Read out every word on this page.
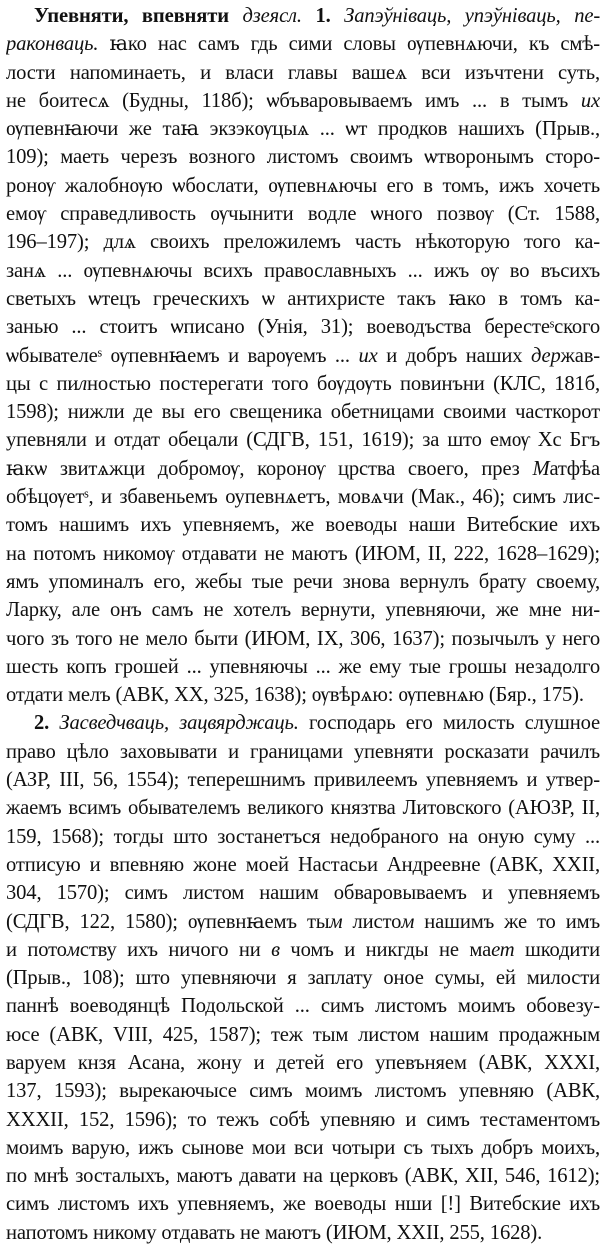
Упевняти, впевняти дзеясл. 1. Запэўніваць, упэўніваць, пе-
раконваць. ꙗко нас самъ гдь сими словы ѹпевнѧючи, къ смѣ-
лости напоминаеть, и власи главы вашеѧ вси изъчтени суть,
не боитесѧ (Будны, 118б); ѡбъваровываемъ имъ ... в тымъ их
ѹпевнꙗючи же таꙗ экзэкѹцыѧ ... ѡт продков нашихъ (Прыв.,
109); маеть черезъ возного листомъ своимъ ѡтворонымъ сторо-
ронѹ жалобнѹю ѡбослати, ѹпевнѧючы его в томъ, ижъ хочеть
емѹ справедливость ѹчынити водле ѡного позвѹ (Ст. 1588,
196–197); длѧ своихъ преложилемъ часть нѣкоторую того ка-
занѧ ... ѹпевнѧючы всихъ православныхъ ... ижъ ѹ во въсихъ
светыхъ ѡтецъ греческихъ ѡ антихристе такъ ꙗко в томъ ка-
занью ... стоитъ ѡписано (Унія, 31); воеводъства берестеˢского
ѡбывателеˢ ѹпевнꙗемъ и варѹемъ ... их и добръ наших держав-
цы с пилностью постерегати того бѹдѹть повинъни (КЛС, 181б,
1598); нижли де вы его свещеника обетницами своими часткорот
упевняли и отдат обецали (СДГВ, 151, 1619); за што емѹ Хс Бгъ
ꙗкѡ звитѧжци добромѹ, коронѹ црства своего, през Матфѣа
обѣцѹетˢ, и збавеньемъ оупевнѧетъ, мовѧчи (Мак., 46); симъ лис-
томъ нашимъ ихъ упевняемъ, же воеводы наши Витебские ихъ
на потомъ никомѹ отдавати не маютъ (ИЮМ, II, 222, 1628–1629);
ямъ упоминалъ его, жебы тые речи знова вернулъ брату своему,
Ларку, але онъ самъ не хотелъ вернути, упевняючи, же мне ни-
чого зъ того не мело быти (ИЮМ, IX, 306, 1637); позычылъ у него
шесть копъ грошей ... упевняючы ... же ему тые грошы незадолго
отдати мелъ (АВК, XX, 325, 1638); ѹвѣрѧю: ѹпевнѧю (Бяр., 175).
2. Засведчваць, зацвярджаць. господарь его милость слушное
право цѣло заховывати и границами упевняти росказати рачилъ
(АЗР, III, 56, 1554); теперешнимъ привилеемъ упевняемъ и утвер-
жаемъ всимъ обывателемъ великого князтва Литовского (АЮЗР, II,
159, 1568); тогды што зостанетъся недобраного на оную суму ...
отписую и впевняю жоне моей Настасьи Андреевне (АВК, XXII,
304, 1570); симъ листом нашим обваровываемъ и упевняемъ
(СДГВ, 122, 1580); ѹпевнꙗемъ тым листом нашимъ же то имъ
и потомству ихъ ничого ни в чомъ и никгды не мает шкодити
(Прыв., 108); што упевняючи я заплату оное сумы, ей милости
паннѣ воеводянцѣ Подольской ... симъ листомъ моимъ обовезу-
юсе (АВК, VIII, 425, 1587); теж тым листом нашим продажным
варуем кнзя Асана, жону и детей его упевъняем (АВК, XXXI,
137, 1593); вырекаючысе симъ моимъ листомъ упевняю (АВК,
XXXII, 152, 1596); то тежъ собѣ упевняю и симъ тестаментомъ
моимъ варую, ижъ сынове мои вси чотыри съ тыхъ добръ моихъ,
по мнѣ зосталыхъ, маютъ давати на церковъ (АВК, XII, 546, 1612);
симъ листомъ ихъ упевняемъ, же воеводы нши [!] Витебские ихъ
напотомъ никому отдавать не маютъ (ИЮМ, XXII, 255, 1628).
